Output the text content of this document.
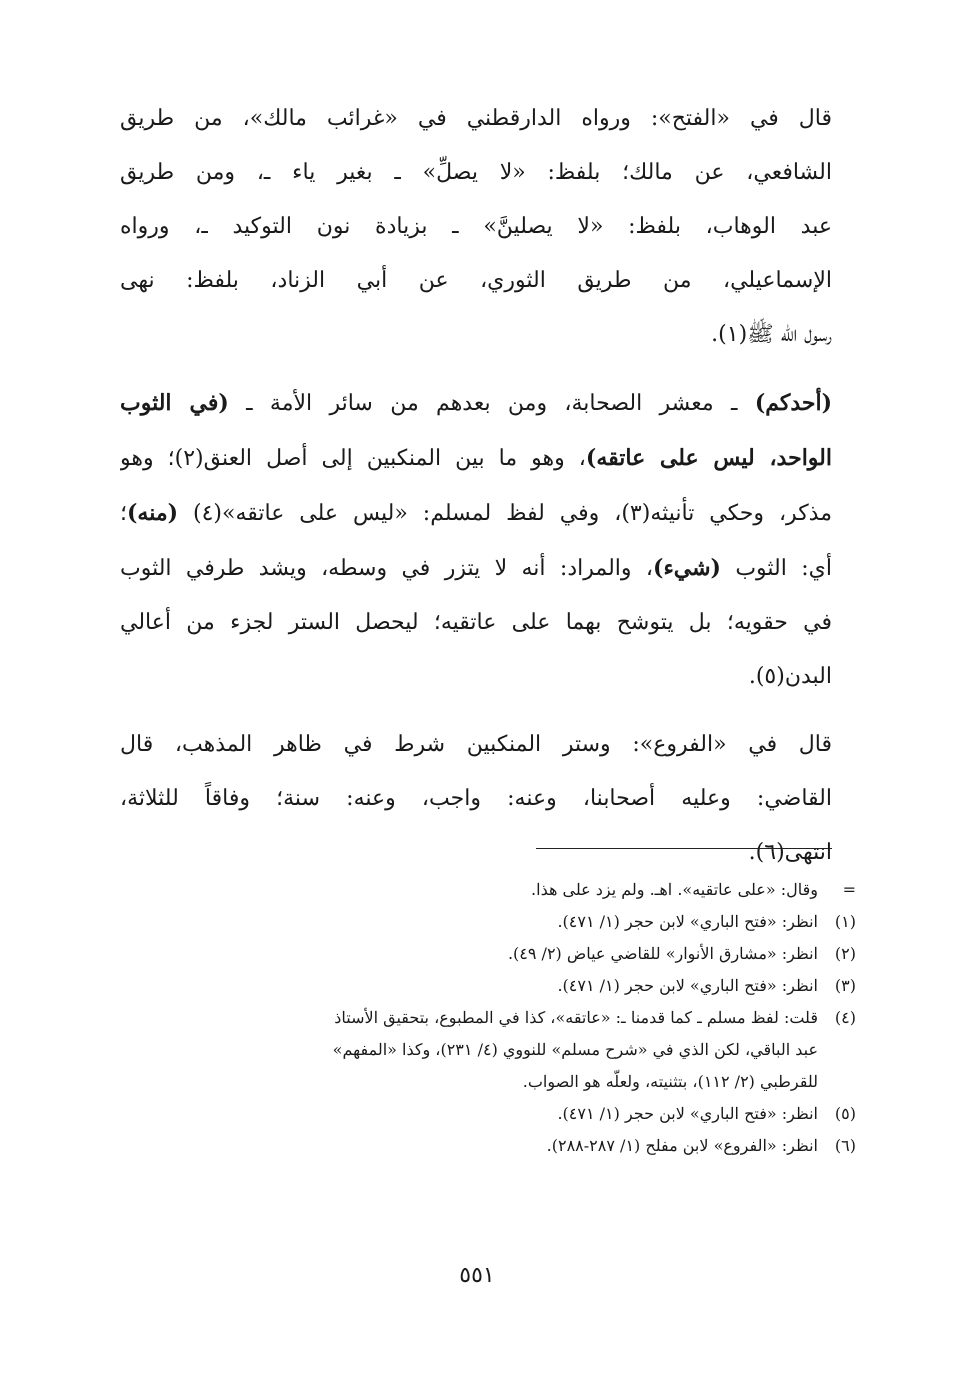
قال في «الفتح»: ورواه الدارقطني في «غرائب مالك»، من طريق
الشافعي، عن مالك؛ بلفظ: «لا يصلِّ» ـ بغير ياء ـ، ومن طريق
عبد الوهاب، بلفظ: «لا يصلينَّ» ـ بزيادة نون التوكيد ـ، ورواه
الإسماعيلي، من طريق الثوري، عن أبي الزناد، بلفظ: نهى
رسول الله ﷺ(١).
(أحدكم) ـ معشر الصحابة، ومن بعدهم من سائر الأمة ـ (في الثوب
الواحد، ليس على عاتقه)، وهو ما بين المنكبين إلى أصل العنق(٢)؛ وهو
مذكر، وحكي تأنيثه(٣)، وفي لفظ لمسلم: «ليس على عاتقه»(٤) (منه)؛
أي: الثوب (شيء)، والمراد: أنه لا يتزر في وسطه، ويشد طرفي الثوب
في حقويه؛ بل يتوشح بهما على عاتقيه؛ ليحصل الستر لجزء من أعالي
البدن(٥).
قال في «الفروع»: وستر المنكبين شرط في ظاهر المذهب، قال
القاضي: وعليه أصحابنا، وعنه: واجب، وعنه: سنة؛ وفاقاً للثلاثة،
انتهى(٦).
=
وقال: «على عاتقيه». اهـ. ولم يزد على هذا.
(١)
انظر: «فتح الباري» لابن حجر (١/ ٤٧١).
(٢)
انظر: «مشارق الأنوار» للقاضي عياض (٢/ ٤٩).
(٣)
انظر: «فتح الباري» لابن حجر (١/ ٤٧١).
(٤)
قلت: لفظ مسلم ـ كما قدمنا ـ: «عاتقه»، كذا في المطبوع، بتحقيق الأستاذ
عبد الباقي، لكن الذي في «شرح مسلم» للنووي (٤/ ٢٣١)، وكذا «المفهم»
للقرطبي (٢/ ١١٢)، بتثنيته، ولعلّه هو الصواب.
(٥)
انظر: «فتح الباري» لابن حجر (١/ ٤٧١).
(٦)
انظر: «الفروع» لابن مفلح (١/ ٢٨٧-٢٨٨).
٥٥١
